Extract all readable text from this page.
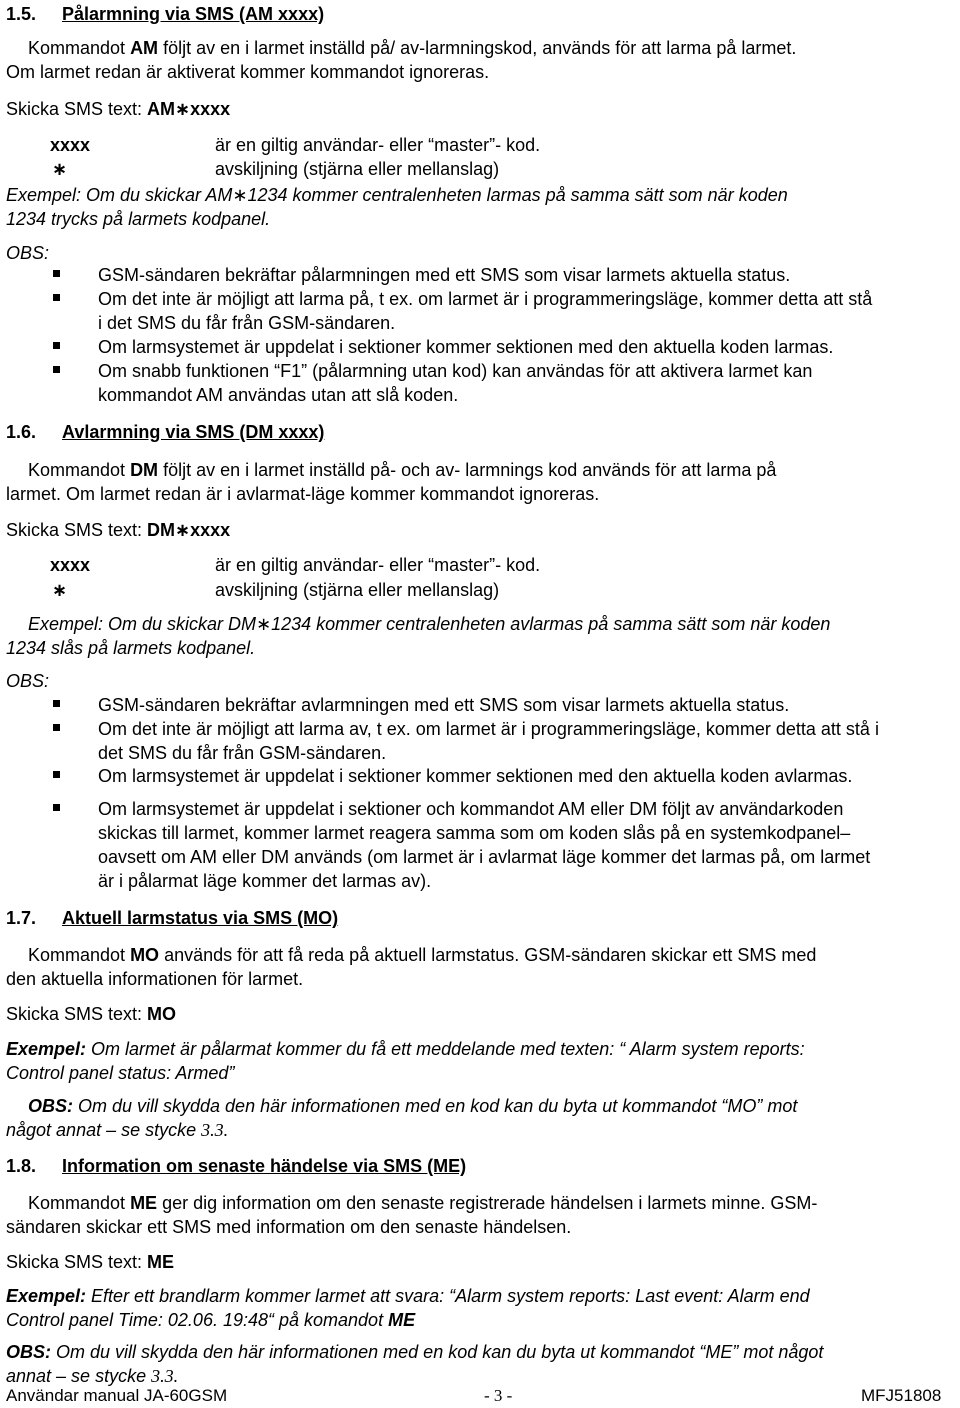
1.5. Pålarmning via SMS (AM xxxx)
Kommandot AM följt av en i larmet inställd på/ av-larmningskod, används för att larma på larmet.
Om larmet redan är aktiverat kommer kommandot ignoreras.
Skicka SMS text: AM∗xxxx
xxxx	är en giltig användar- eller “master”- kod.
∗	avskiljning (stjärna eller mellanslag)
Exempel: Om du skickar AM∗1234 kommer centralenheten larmas på samma sätt som när koden
1234 trycks på larmets kodpanel.
OBS:
GSM-sändaren bekräftar pålarmningen med ett SMS som visar larmets aktuella status.
Om det inte är möjligt att larma på, t ex. om larmet är i programmeringsläge, kommer detta att stå
i det SMS du får från GSM-sändaren.
Om larmsystemet är uppdelat i sektioner kommer sektionen med den aktuella koden larmas.
Om snabb funktionen “F1” (pålarmning utan kod) kan användas för att aktivera larmet kan
kommandot AM användas utan att slå koden.
1.6. Avlarmning via SMS (DM xxxx)
Kommandot DM följt av en i larmet inställd på- och av- larmnings kod används för att larma på
larmet. Om larmet redan är i avlarmat-läge kommer kommandot ignoreras.
Skicka SMS text: DM∗xxxx
xxxx	är en giltig användar- eller “master”- kod.
∗	avskiljning (stjärna eller mellanslag)
Exempel: Om du skickar DM∗1234 kommer centralenheten avlarmas på samma sätt som när koden
1234 slås på larmets kodpanel.
OBS:
GSM-sändaren bekräftar avlarmningen med ett SMS som visar larmets aktuella status.
Om det inte är möjligt att larma av, t ex. om larmet är i programmeringsläge, kommer detta att stå i
det SMS du får från GSM-sändaren.
Om larmsystemet är uppdelat i sektioner kommer sektionen med den aktuella koden avlarmas.
Om larmsystemet är uppdelat i sektioner och kommandot AM eller DM följt av användarkoden
skickas till larmet, kommer larmet reagera samma som om koden slås på en systemkodpanel–
oavsett om AM eller DM används (om larmet är i avlarmat läge kommer det larmas på, om larmet
är i pålarmat läge kommer det larmas av).
1.7. Aktuell larmstatus via SMS (MO)
Kommandot MO används för att få reda på aktuell larmstatus. GSM-sändaren skickar ett SMS med
den aktuella informationen för larmet.
Skicka SMS text: MO
Exempel: Om larmet är pålarmat kommer du få ett meddelande med texten: “ Alarm system reports:
Control panel status: Armed”
OBS: Om du vill skydda den här informationen med en kod kan du byta ut kommandot “MO” mot
något annat – se stycke 3.3.
1.8. Information om senaste händelse via SMS (ME)
Kommandot ME ger dig information om den senaste registrerade händelsen i larmets minne. GSM-
sändaren skickar ett SMS med information om den senaste händelsen.
Skicka SMS text: ME
Exempel: Efter ett brandlarm kommer larmet att svara: “Alarm system reports: Last event: Alarm end
Control panel Time: 02.06. 19:48“ på komandot ME
OBS: Om du vill skydda den här informationen med en kod kan du byta ut kommandot “ME” mot något
annat – se stycke 3.3.
Användar manual JA-60GSM	- 3 -	MFJ51808
